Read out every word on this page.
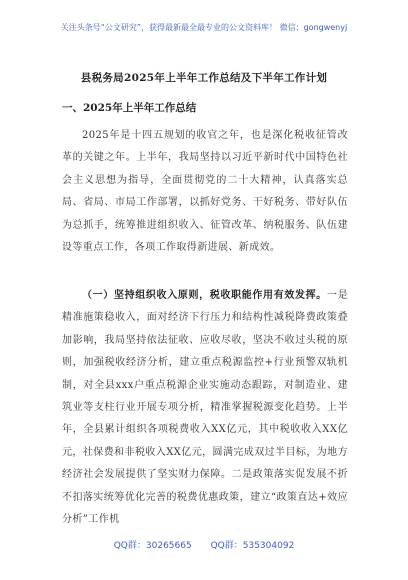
关注头条号“公文研究”，获得最新最全最专业的公文资料库！ 微信：gongwenyj
县税务局2025年上半年工作总结及下半年工作计划
一、2025年上半年工作总结

2025年是十四五规划的收官之年，也是深化税收征管改革的关键之年。上半年，我局坚持以习近平新时代中国特色社会主义思想为指导，全面贯彻党的二十大精神，认真落实总局、省局、市局工作部署，以抓好党务、干好税务、带好队伍为总抓手，统筹推进组织收入、征管改革、纳税服务、队伍建设等重点工作，各项工作取得新进展、新成效。

（一）坚持组织收入原则，税收职能作用有效发挥。一是精准施策稳收入，面对经济下行压力和结构性减税降费政策叠加影响，我局坚持依法征收、应收尽收，坚决不收过头税的原则，加强税收经济分析，建立重点税源监控+行业预警双轨机制，对全县xxx户重点税源企业实施动态跟踪，对制造业、建筑业等支柱行业开展专项分析，精准掌握税源变化趋势。上半年，全县累计组织各项税费收入XX亿元，其中税收收入XX亿元，社保费和非税收入XX亿元，圆满完成双过半目标，为地方经济社会发展提供了坚实财力保障。二是政策落实促发展不折不扣落实统筹优化完善的税费优惠政策，建立“政策直达+效应分析”工作机

QQ群：30265665 QQ群：535304092
